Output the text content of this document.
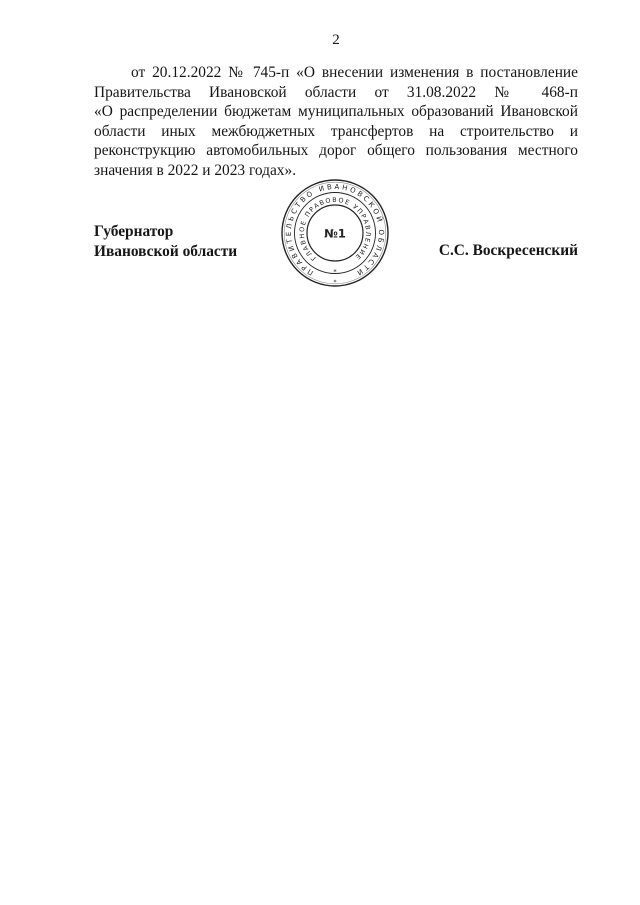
2
от 20.12.2022 № 745-п «О внесении изменения в постановление
Правительства Ивановской области от 31.08.2022 № 468-п
«О распределении бюджетам муниципальных образований Ивановской
области иных межбюджетных трансфертов на строительство и
реконструкцию автомобильных дорог общего пользования местного
значения в 2022 и 2023 годах».
Губернатор
Ивановской области
ПРАВИТЕЛЬСТВО ИВАНОВСКОЙ ОБЛАСТИ
ГЛАВНОЕ ПРАВОВОЕ УПРАВЛЕНИЕ
№1
*
*
С.С. Воскресенский
